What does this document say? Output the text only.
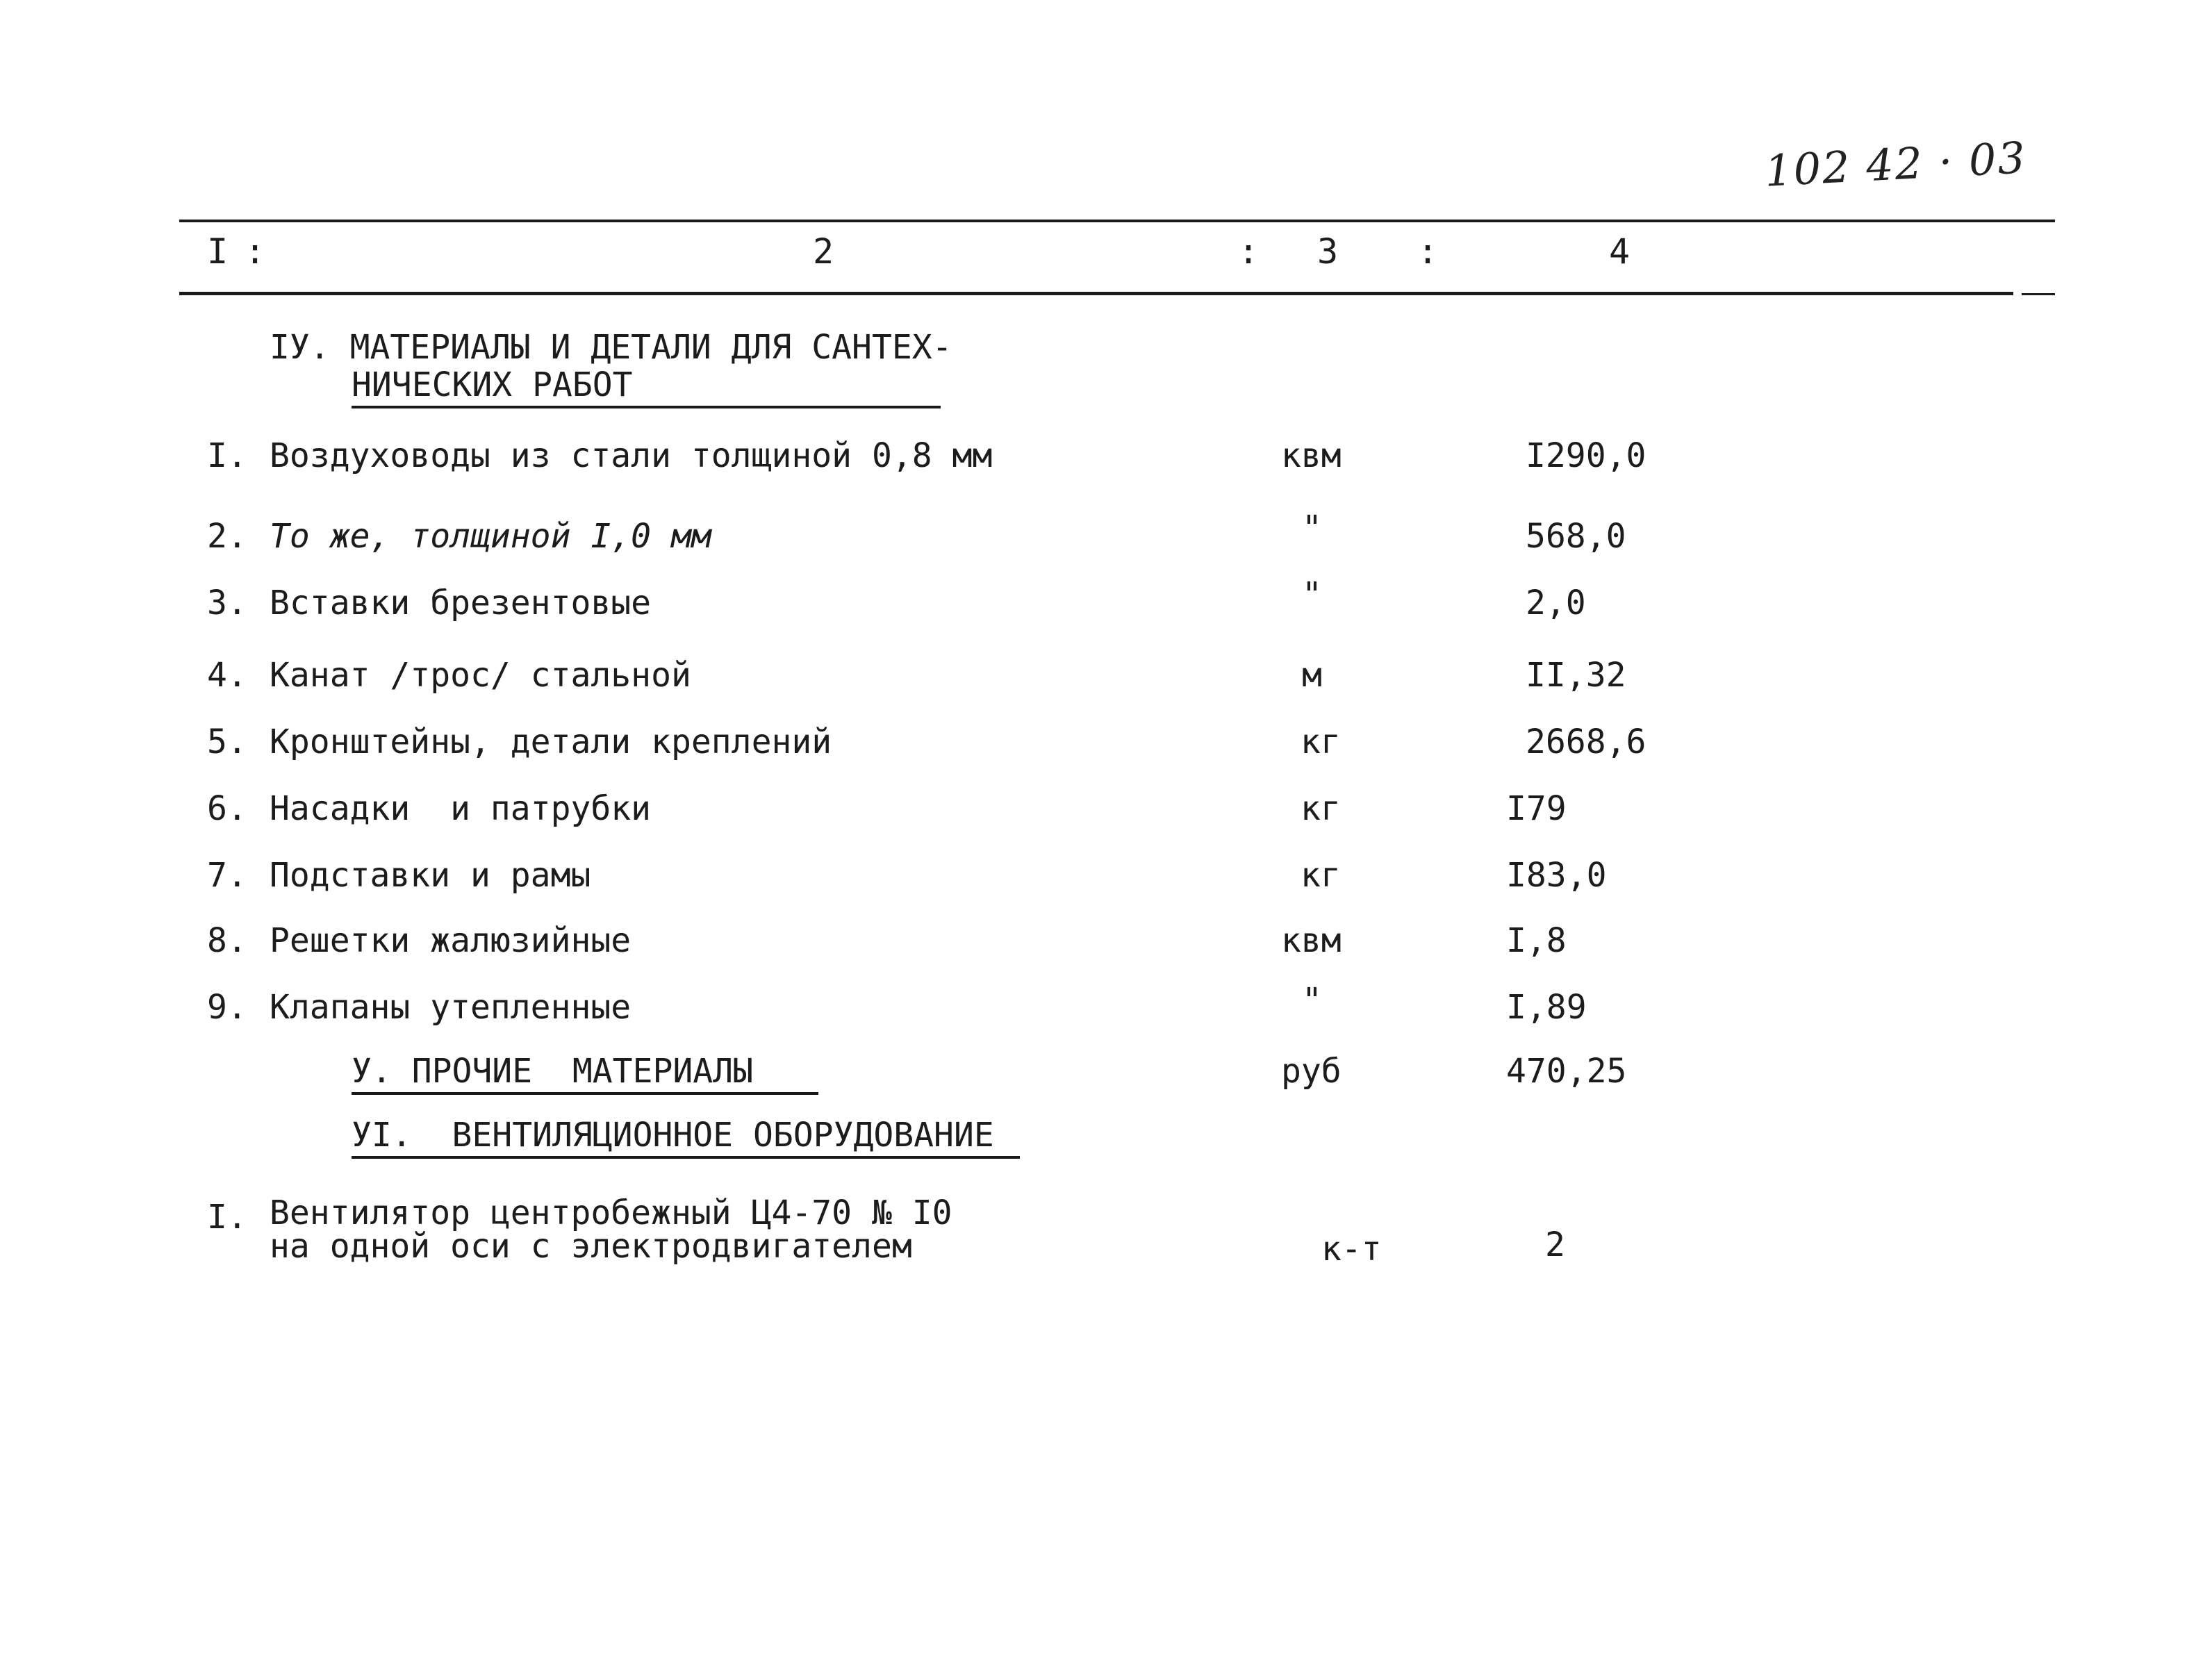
102 42 · 03
I :	2	: 3 :	4
IУ. МАТЕРИАЛЫ И ДЕТАЛИ ДЛЯ САНТЕХ-
НИЧЕСКИХ РАБОТ
I. Воздуховоды из стали толщиной 0,8 мм	квм	I290,0
2. То же, толщиной I,0 мм	"	568,0
3. Вставки брезентовые	"	2,0
4. Канат /трос/ стальной	м	II,32
5. Кронштейны, детали креплений	кг	2668,6
6. Насадки  и патрубки	кг	I79
7. Подставки и рамы	кг	I83,0
8. Решетки жалюзийные	квм	I,8
9. Клапаны утепленные	"	I,89
У. ПРОЧИЕ  МАТЕРИАЛЫ	руб	470,25
УI.  ВЕНТИЛЯЦИОННОЕ ОБОРУДОВАНИЕ
I. Вентилятор центробежный Ц4-70 № I0
на одной оси с электродвигателем	к-т	2
